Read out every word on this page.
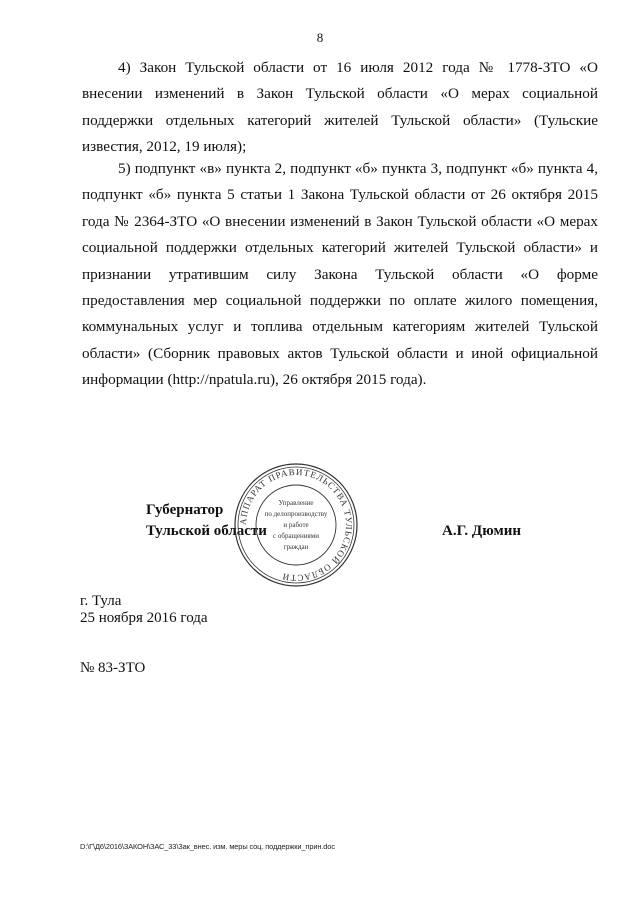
8

4) Закон Тульской области от 16 июля 2012 года № 1778-ЗТО «О внесении изменений в Закон Тульской области «О мерах социальной поддержки отдельных категорий жителей Тульской области» (Тульские известия, 2012, 19 июля);

5) подпункт «в» пункта 2, подпункт «б» пункта 3, подпункт «б» пункта 4, подпункт «б» пункта 5 статьи 1 Закона Тульской области от 26 октября 2015 года № 2364-ЗТО «О внесении изменений в Закон Тульской области «О мерах социальной поддержки отдельных категорий жителей Тульской области» и признании утратившим силу Закона Тульской области «О форме предоставления мер социальной поддержки по оплате жилого помещения, коммунальных услуг и топлива отдельным категориям жителей Тульской области» (Сборник правовых актов Тульской области и иной официальной информации (http://npatula.ru), 26 октября 2015 года).

Губернатор
Тульской области
АППАРАТ ПРАВИТЕЛЬСТВА ТУЛЬСКОЙ ОБЛАСТИ
Управление
по делопроизводству
и работе
с обращениями
граждан
А.Г. Дюмин
г. Тула
25 ноября 2016 года
№ 83-ЗТО
D:\Г\Д6\2016\ЗАКОН\ЗАС_33\Зак_внес. изм. меры соц. поддержки_прин.doc
